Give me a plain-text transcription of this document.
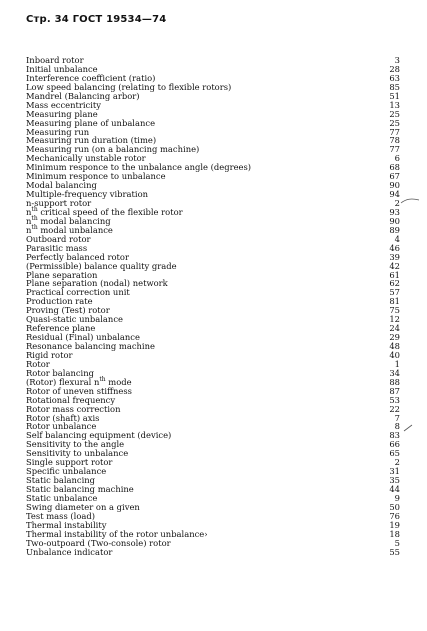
Стр. 34 ГОСТ 19534—74
Inboard rotor	3
Initial unbalance	28
Interference coefficient (ratio)	63
Low speed balancing (relating to flexible rotors)	85
Mandrel (Balancing arbor)	51
Mass eccentricity	13
Measuring plane	25
Measuring plane of unbalance	25
Measuring run	77
Measuring run duration (time)	78
Measuring run (on a balancing machine)	77
Mechanically unstable rotor	6
Minimum responce to the unbalance angle (degrees)	68
Minimum responce to unbalance	67
Modal balancing	90
Multiple-frequency vibration	94
n-support rotor	2
$n^{th}$ critical speed of the flexible rotor	93
$n^{th}$ modal balancing	90
$n^{th}$ modal unbalance	89
Outboard rotor	4
Parasitic mass	46
Perfectly balanced rotor	39
(Permissible) balance quality grade	42
Plane separation	61
Plane separation (nodal) network	62
Practical correction unit	57
Production rate	81
Proving (Test) rotor	75
Quasi-static unbalance	12
Reference plane	24
Residual (Final) unbalance	29
Resonance balancing machine	48
Rigid rotor	40
Rotor	1
Rotor balancing	34
(Rotor) flexural $n^{th}$ mode	88
Rotor of uneven stiffness	87
Rotational frequency	53
Rotor mass correction	22
Rotor (shaft) axis	7
Rotor unbalance	8
Self balancing equipment (device)	83
Sensitivity to the angle	66
Sensitivity to unbalance	65
Single support rotor	2
Specific unbalance	31
Static balancing	35
Static balancing machine	44
Static unbalance	9
Swing diameter on a given	50
Test mass (load)	76
Thermal instability	19
Thermal instability of the rotor unbalance›	18
Two-outpoard (Two-console) rotor	5
Unbalance indicator	55
